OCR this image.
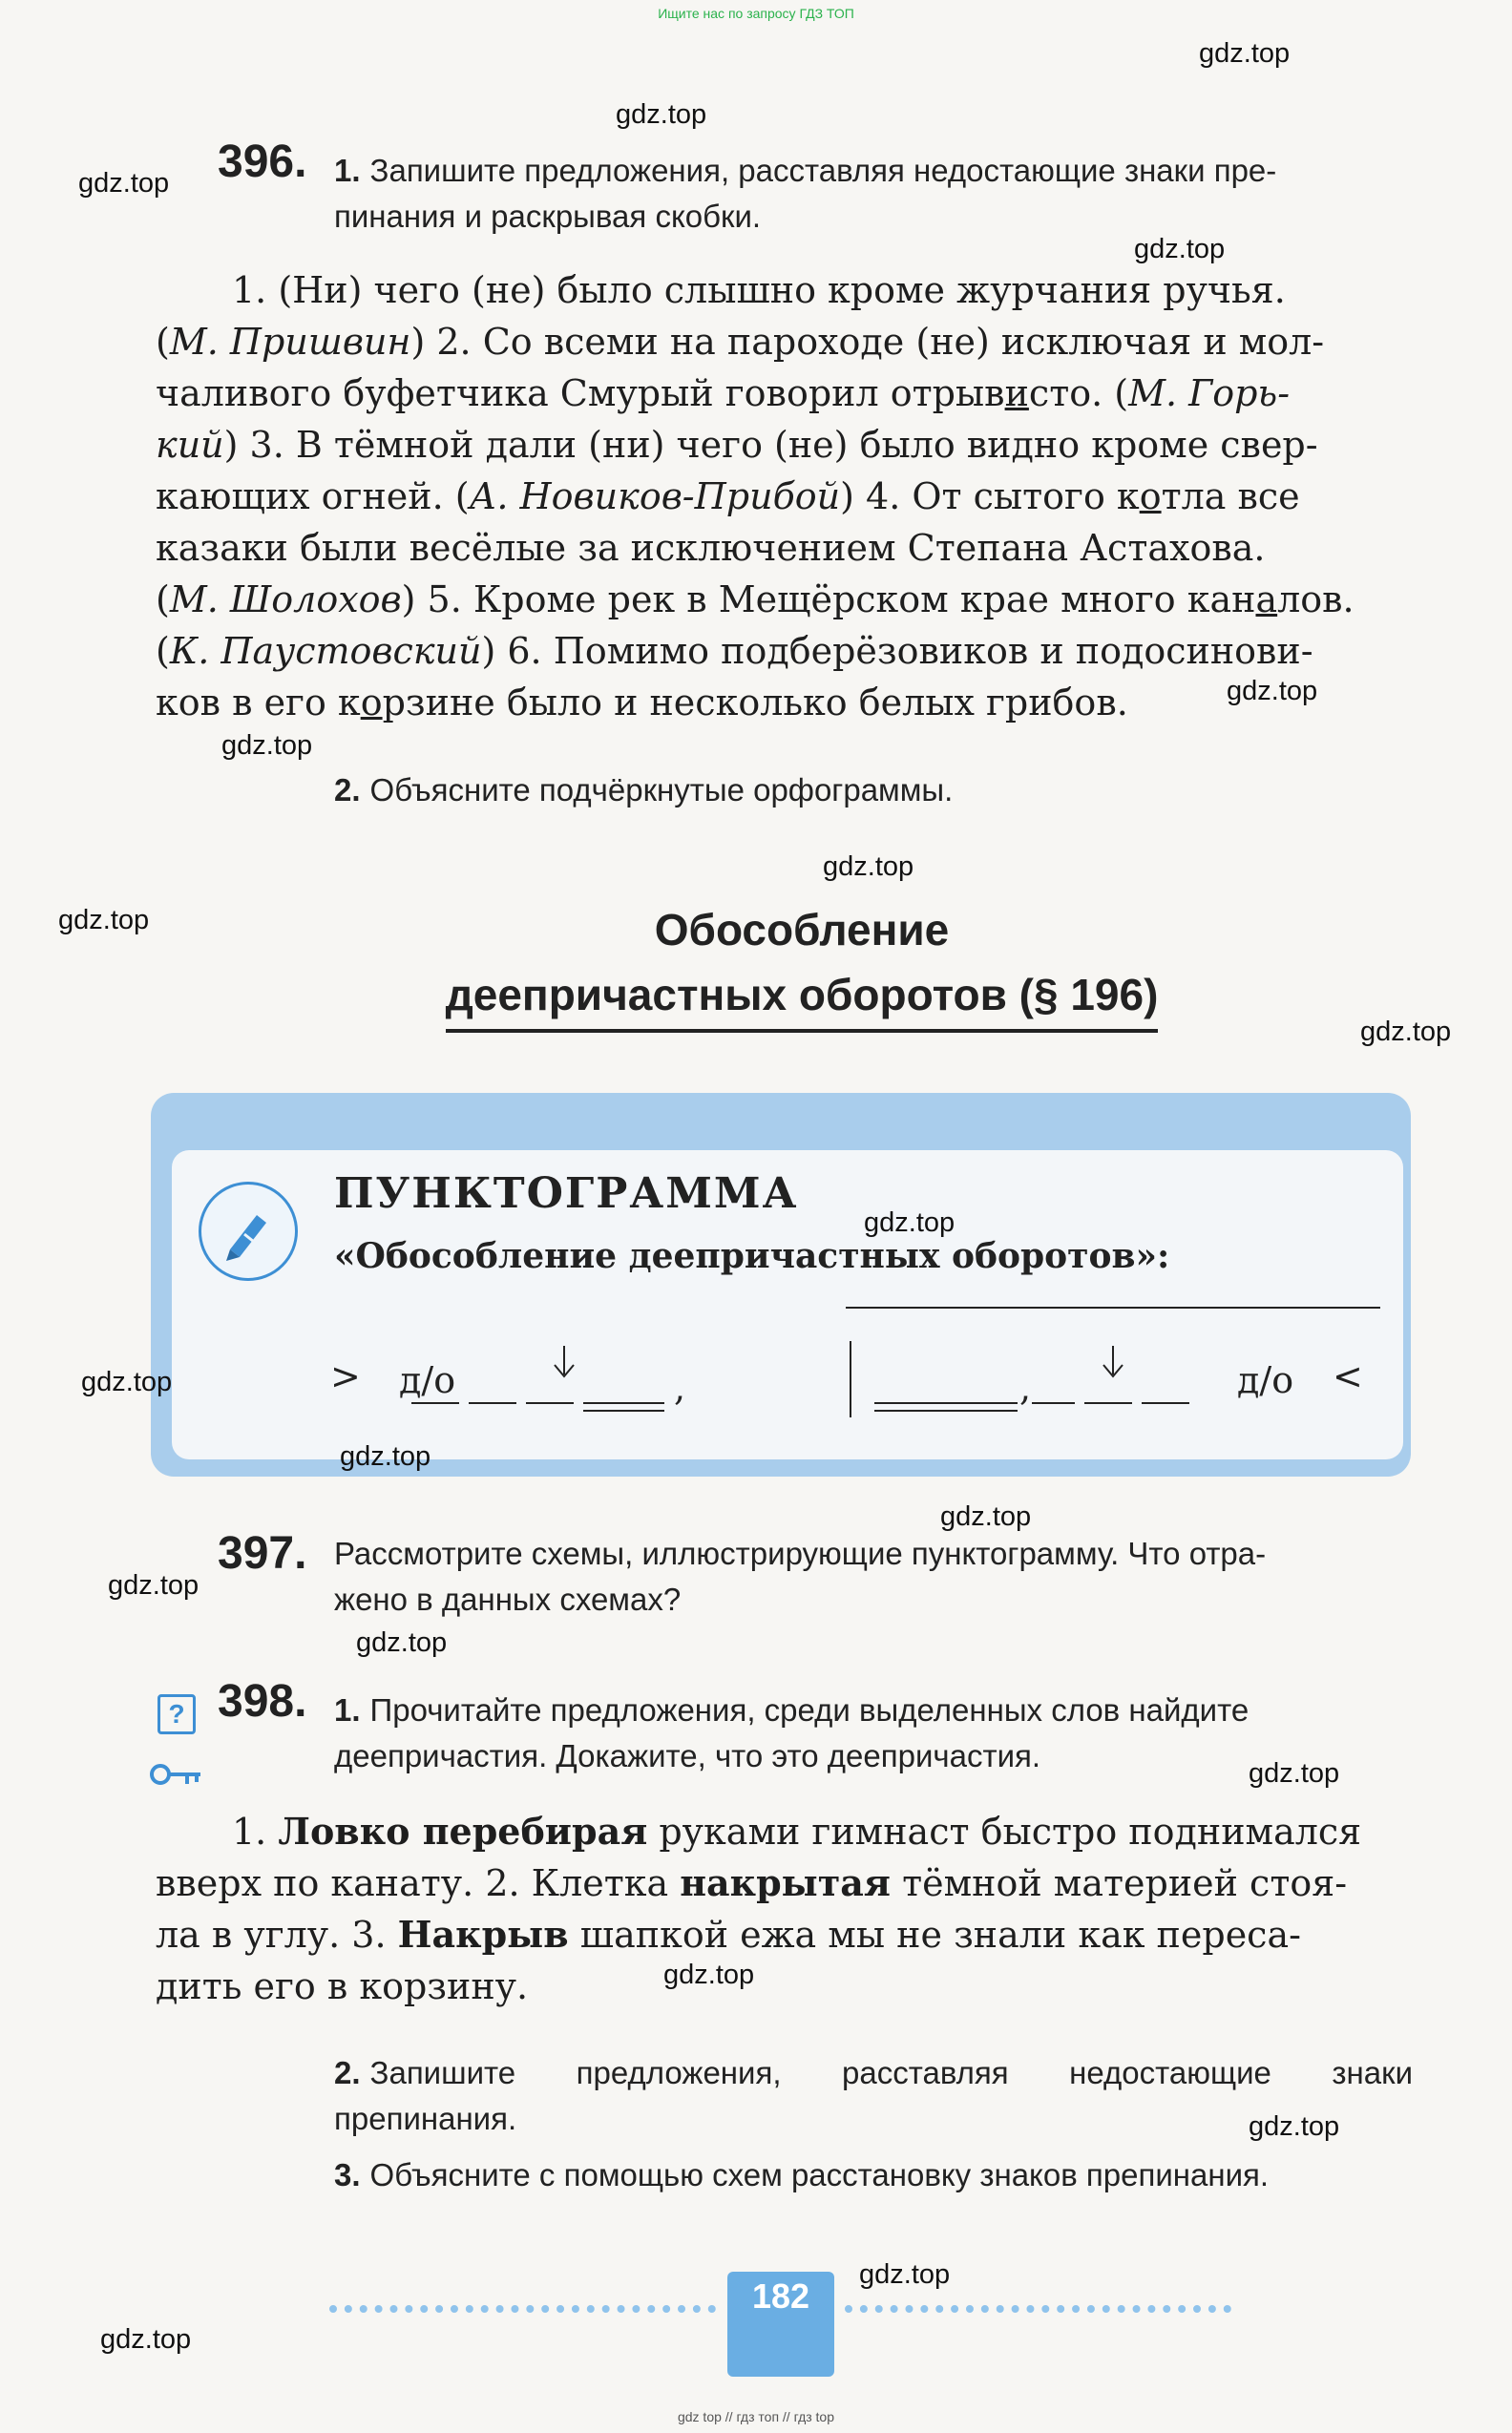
Ищите нас по запросу ГДЗ ТОП
gdz top // гдз топ // гдз top
396. 1. Запишите предложения, расставляя недостающие знаки пре-
пинания и раскрывая скобки.
1. (Ни) чего (не) было слышно кроме журчания ручья.
(М. Пришвин) 2. Со всеми на пароходе (не) исключая и мол-
чаливого буфетчика Смурый говорил отрывисто. (М. Горь-
кий) 3. В тёмной дали (ни) чего (не) было видно кроме свер-
кающих огней. (А. Новиков-Прибой) 4. От сытого котла все
казаки были весёлые за исключением Степана Астахова.
(М. Шолохов) 5. Кроме рек в Мещёрском крае много каналов.
(К. Паустовский) 6. Помимо подберёзовиков и подосинови-
ков в его корзине было и несколько белых грибов.
2. Объясните подчёркнутые орфограммы.
Обособление
деепричастных оборотов (§ 196)
ПУНКТОГРАММА
«Обособление деепричастных оборотов»:
> д/о	,	,	д/о <
397. Рассмотрите схемы, иллюстрирующие пунктограмму. Что отра-
жено в данных схемах?
? 398. 1. Прочитайте предложения, среди выделенных слов найдите
деепричастия. Докажите, что это деепричастия.
1. Ловко перебирая руками гимнаст быстро поднимался
вверх по канату. 2. Клетка накрытая тёмной материей стоя-
ла в углу. 3. Накрыв шапкой ежа мы не знали как переса-
дить его в корзину.
2. Запишите предложения, расставляя недостающие знаки
препинания.
3. Объясните с помощью схем расстановку знаков препинания.
182
gdz.top
gdz.top
gdz.top
gdz.top
gdz.top
gdz.top
gdz.top
gdz.top
gdz.top
gdz.top
gdz.top
gdz.top
gdz.top
gdz.top
gdz.top
gdz.top
gdz.top
gdz.top
gdz.top
gdz.top
